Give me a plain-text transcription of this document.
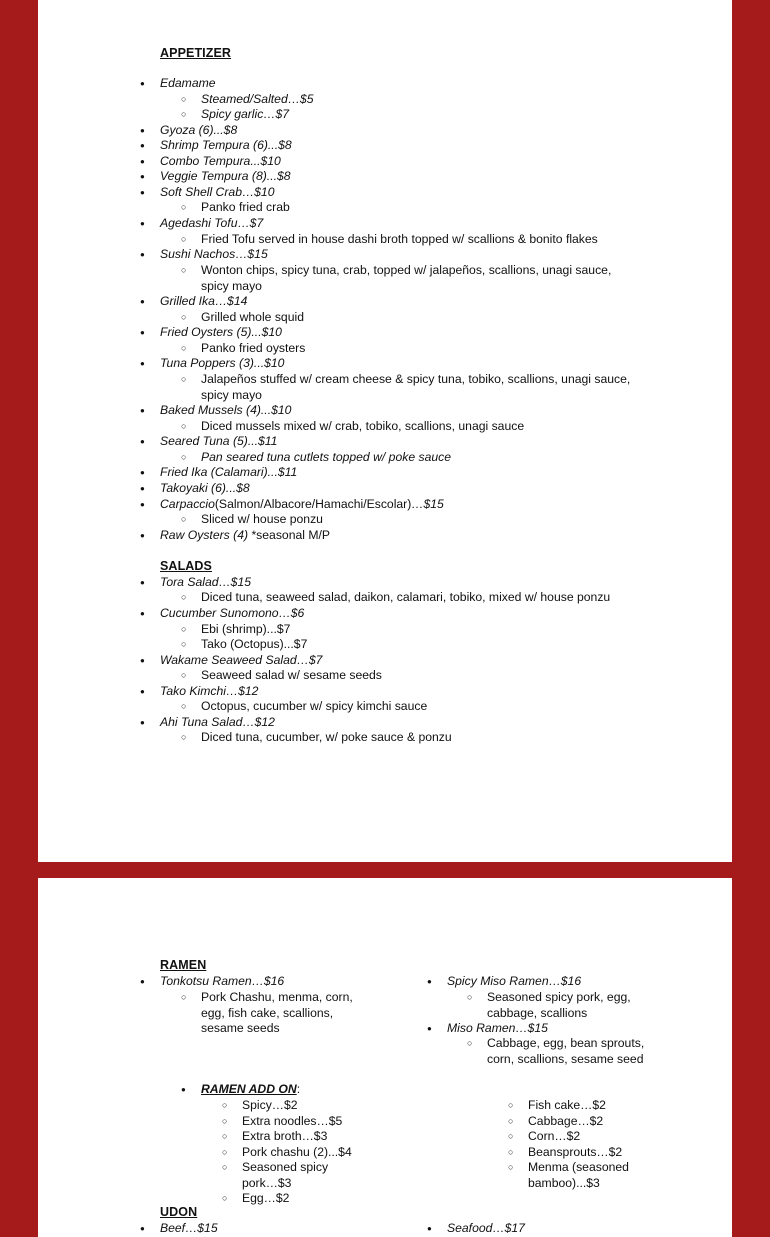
APPETIZER
● Edamame
○ Steamed/Salted…$5
○ Spicy garlic…$7
● Gyoza (6)...$8
● Shrimp Tempura (6)...$8
● Combo Tempura...$10
● Veggie Tempura (8)...$8
● Soft Shell Crab…$10
○ Panko fried crab
● Agedashi Tofu…$7
○ Fried Tofu served in house dashi broth topped w/ scallions & bonito flakes
● Sushi Nachos…$15
○ Wonton chips, spicy tuna, crab, topped w/ jalapeños, scallions, unagi sauce, spicy mayo
● Grilled Ika…$14
○ Grilled whole squid
● Fried Oysters (5)...$10
○ Panko fried oysters
● Tuna Poppers (3)...$10
○ Jalapeños stuffed w/ cream cheese & spicy tuna, tobiko, scallions, unagi sauce, spicy mayo
● Baked Mussels (4)...$10
○ Diced mussels mixed w/ crab, tobiko, scallions, unagi sauce
● Seared Tuna (5)...$11
○ Pan seared tuna cutlets topped w/ poke sauce
● Fried Ika (Calamari)...$11
● Takoyaki (6)...$8
● Carpaccio(Salmon/Albacore/Hamachi/Escolar)…$15
○ Sliced w/ house ponzu
● Raw Oysters (4) *seasonal M/P
SALADS
● Tora Salad…$15
○ Diced tuna, seaweed salad, daikon, calamari, tobiko, mixed w/ house ponzu
● Cucumber Sunomono…$6
○ Ebi (shrimp)...$7
○ Tako (Octopus)...$7
● Wakame Seaweed Salad…$7
○ Seaweed salad w/ sesame seeds
● Tako Kimchi…$12
○ Octopus, cucumber w/ spicy kimchi sauce
● Ahi Tuna Salad…$12
○ Diced tuna, cucumber, w/ poke sauce & ponzu
RAMEN
● Tonkotsu Ramen…$16
○ Pork Chashu, menma, corn, egg, fish cake, scallions, sesame seeds
● Spicy Miso Ramen…$16
○ Seasoned spicy pork, egg, cabbage, scallions
● Miso Ramen…$15
○ Cabbage, egg, bean sprouts, corn, scallions, sesame seed
● RAMEN ADD ON:
○ Spicy…$2
○ Extra noodles…$5
○ Extra broth…$3
○ Pork chashu (2)...$4
○ Seasoned spicy pork…$3
○ Egg…$2
○ Fish cake…$2
○ Cabbage…$2
○ Corn…$2
○ Beansprouts…$2
○ Menma (seasoned bamboo)...$3
UDON
● Beef…$15
●	Seafood…$17
